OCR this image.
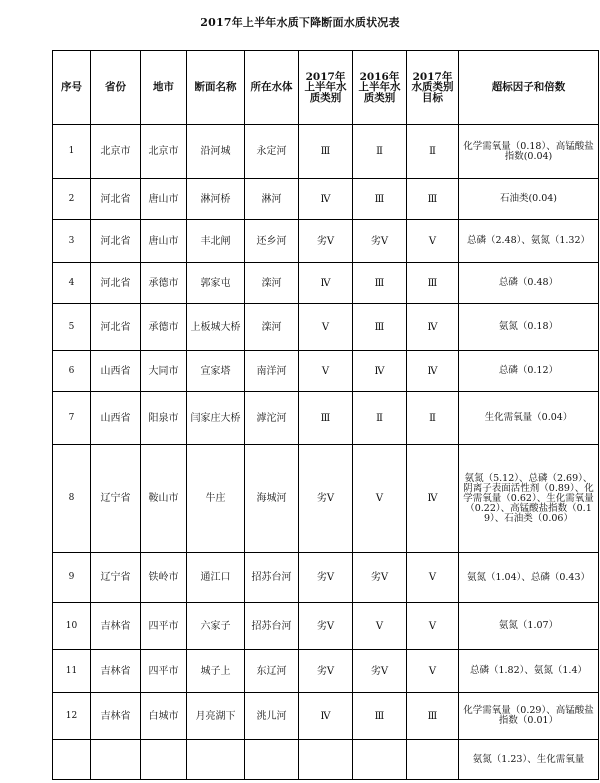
2017年上半年水质下降断面水质状况表
序号	省份	地市	断面名称	所在水体	2017年上半年水质类别	2016年上半年水质类别	2017年水质类别目标	超标因子和倍数
1	北京市	北京市	沿河城	永定河	Ⅲ	Ⅱ	Ⅱ	化学需氧量（0.18）、高锰酸盐指数(0.04)
2	河北省	唐山市	淋河桥	淋河	Ⅳ	Ⅲ	Ⅲ	石油类(0.04)
3	河北省	唐山市	丰北闸	还乡河	劣Ⅴ	劣Ⅴ	Ⅴ	总磷（2.48）、氨氮（1.32）
4	河北省	承德市	郭家屯	滦河	Ⅳ	Ⅲ	Ⅲ	总磷（0.48）
5	河北省	承德市	上板城大桥	滦河	Ⅴ	Ⅲ	Ⅳ	氨氮（0.18）
6	山西省	大同市	宣家塔	南洋河	Ⅴ	Ⅳ	Ⅳ	总磷（0.12）
7	山西省	阳泉市	闫家庄大桥	滹沱河	Ⅲ	Ⅱ	Ⅱ	生化需氧量（0.04）
8	辽宁省	鞍山市	牛庄	海城河	劣Ⅴ	Ⅴ	Ⅳ	氨氮（5.12）、总磷（2.69）、阴离子表面活性剂（0.89）、化学需氧量（0.62）、生化需氧量（0.22）、高锰酸盐指数（0.19）、石油类（0.06）
9	辽宁省	铁岭市	通江口	招苏台河	劣Ⅴ	劣Ⅴ	Ⅴ	氨氮（1.04）、总磷（0.43）
10	吉林省	四平市	六家子	招苏台河	劣Ⅴ	Ⅴ	Ⅴ	氨氮（1.07）
11	吉林省	四平市	城子上	东辽河	劣Ⅴ	劣Ⅴ	Ⅴ	总磷（1.82）、氨氮（1.4）
12	吉林省	白城市	月亮湖下	洮儿河	Ⅳ	Ⅲ	Ⅲ	化学需氧量（0.29）、高锰酸盐指数（0.01）
								氨氮（1.23）、生化需氧量
